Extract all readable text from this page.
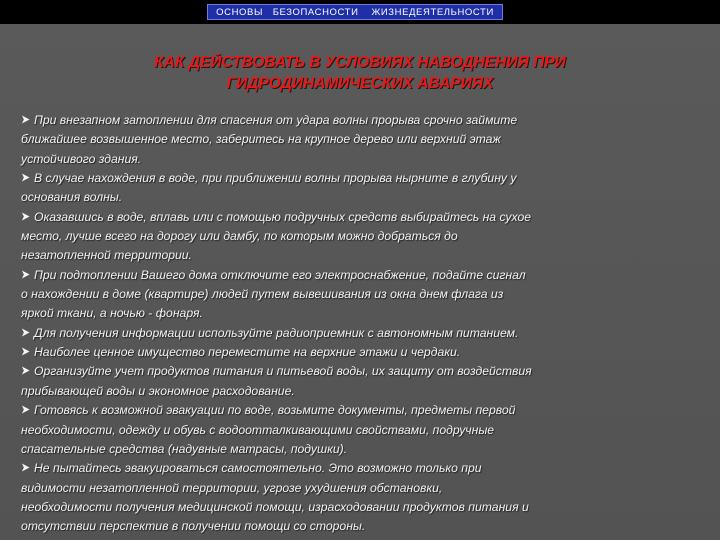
ОСНОВЫ   БЕЗОПАСНОСТИ    ЖИЗНЕДЕЯТЕЛЬНОСТИ
КАК ДЕЙСТВОВАТЬ В УСЛОВИЯХ НАВОДНЕНИЯ ПРИ
ГИДРОДИНАМИЧЕСКИХ АВАРИЯХ
При внезапном затоплении для спасения от удара волны прорыва срочно займите
ближайшее возвышенное место, заберитесь на крупное дерево или верхний этаж
устойчивого здания.
В случае нахождения в воде, при приближении волны прорыва нырните в глубину у
основания волны.
Оказавшись в воде, вплавь или с помощью подручных средств выбирайтесь на сухое
место, лучше всего на дорогу или дамбу, по которым можно добраться до
незатопленной территории.
При подтоплении Вашего дома отключите его электроснабжение, подайте сигнал
о нахождении в доме (квартире) людей путем вывешивания из окна днем флага из
яркой ткани, а ночью - фонаря.
Для получения информации используйте радиоприемник с автономным питанием.
Наиболее ценное имущество переместите на верхние этажи и чердаки.
Организуйте учет продуктов питания и питьевой воды, их защиту от воздействия
прибывающей воды и экономное расходование.
Готовясь к возможной эвакуации по воде, возьмите документы, предметы первой
необходимости, одежду и обувь с водоотталкивающими свойствами, подручные
спасательные средства (надувные матрасы, подушки).
Не пытайтесь эвакуироваться самостоятельно. Это возможно только при
видимости незатопленной территории, угрозе ухудшения обстановки,
необходимости получения медицинской помощи, израсходовании продуктов питания и
отсутствии перспектив в получении помощи со стороны.
